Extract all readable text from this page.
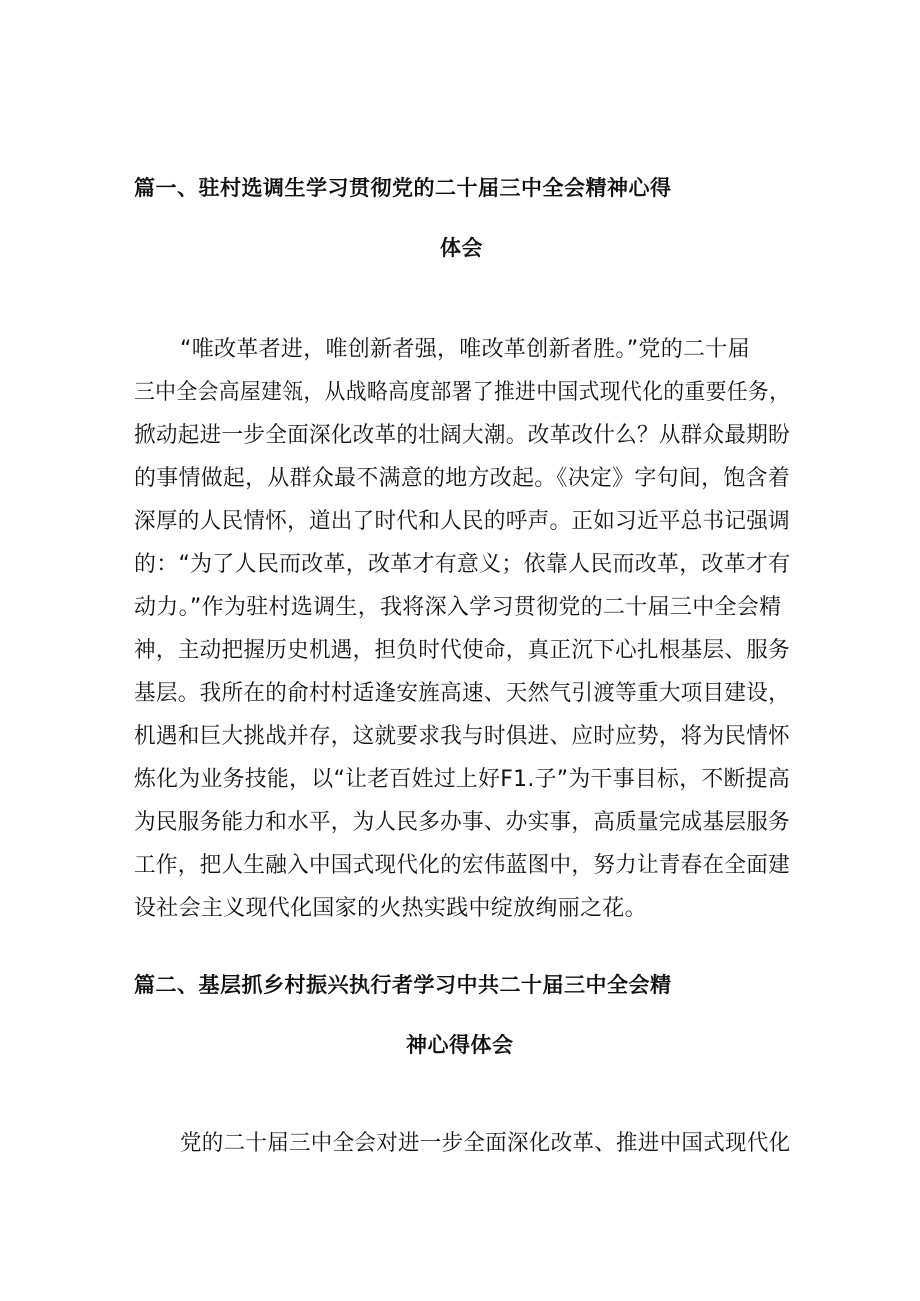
篇一、驻村选调生学习贯彻党的二十届三中全会精神心得
体会
“唯改革者进，唯创新者强，唯改革创新者胜。”党的二十届
三中全会高屋建瓴，从战略高度部署了推进中国式现代化的重要任务，
掀动起进一步全面深化改革的壮阔大潮。改革改什么？从群众最期盼
的事情做起，从群众最不满意的地方改起。《决定》字句间，饱含着
深厚的人民情怀，道出了时代和人民的呼声。正如习近平总书记强调
的：“为了人民而改革，改革才有意义；依靠人民而改革，改革才有
动力。”作为驻村选调生，我将深入学习贯彻党的二十届三中全会精
神，主动把握历史机遇，担负时代使命，真正沉下心扎根基层、服务
基层。我所在的俞村村适逢安旌高速、天然气引渡等重大项目建设，
机遇和巨大挑战并存，这就要求我与时俱进、应时应势，将为民情怀
炼化为业务技能，以“让老百姓过上好F1.子”为干事目标，不断提高
为民服务能力和水平，为人民多办事、办实事，高质量完成基层服务
工作，把人生融入中国式现代化的宏伟蓝图中，努力让青春在全面建
设社会主义现代化国家的火热实践中绽放绚丽之花。
篇二、基层抓乡村振兴执行者学习中共二十届三中全会精
神心得体会
党的二十届三中全会对进一步全面深化改革、推进中国式现代化
